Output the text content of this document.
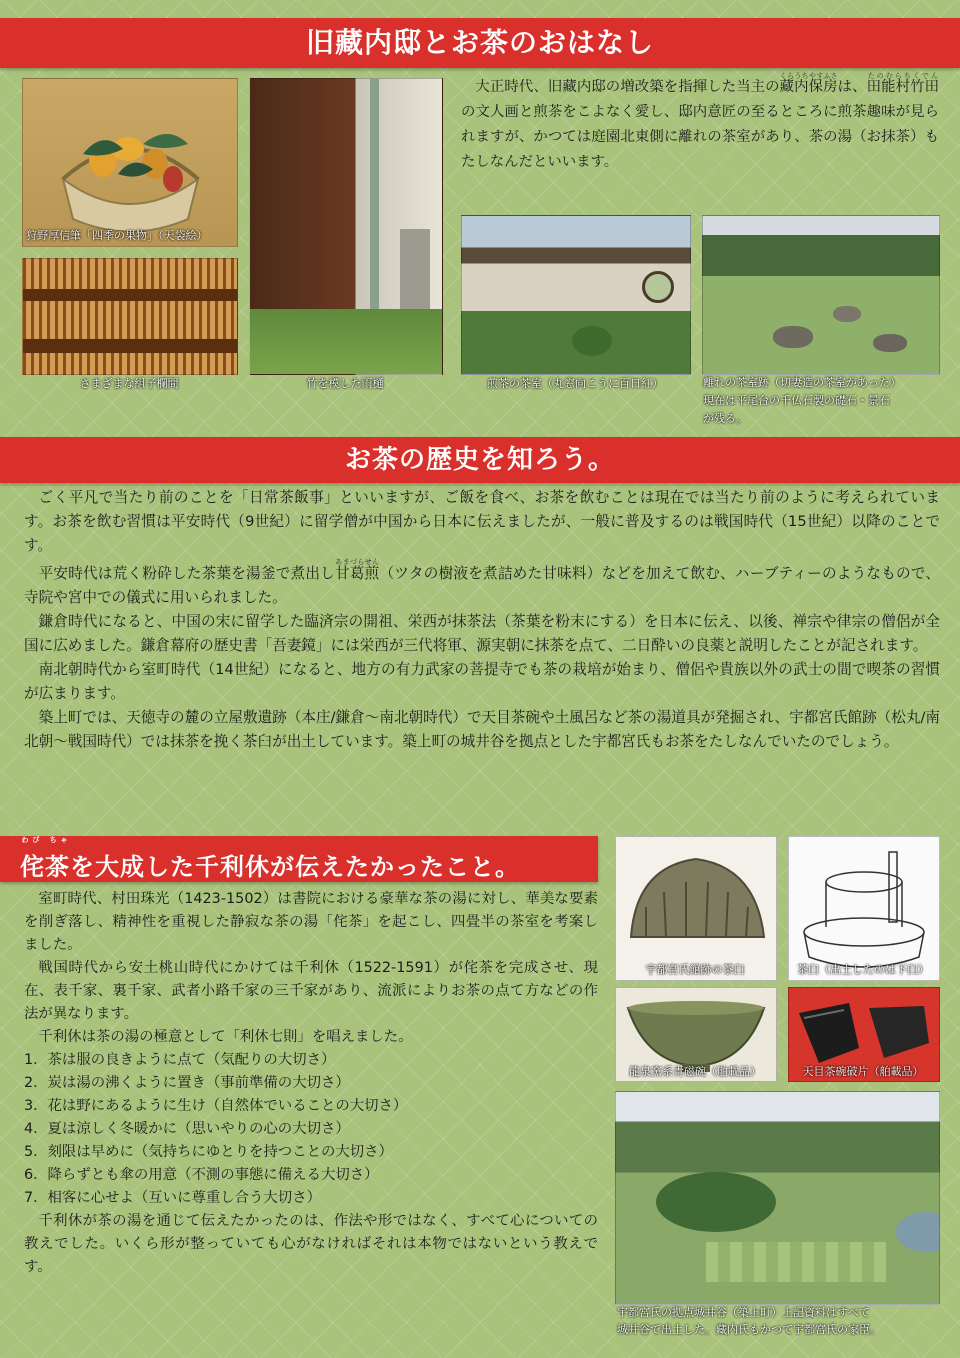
旧藏内邸とお茶のおはなし
狩野厚信筆「四季の果物」（天袋絵）
さまざまな組子欄間	竹を模した雨樋

大正時代、旧藏内邸の増改築を指揮した当主の藏内保房くらうちやすふさは、田能村竹田たのむらちくでんの文人画と煎茶をこよなく愛し、邸内意匠の至るところに煎茶趣味が見られますが、かつては庭園北東側に離れの茶室があり、茶の湯（お抹茶）もたしなんだといいます。

煎茶の茶室（丸窓向こうに百日紅）	離れの茶室跡（切妻造の茶室があった）
現在は平尾台の千仏石製の礎石・景石
が残る。
お茶の歴史を知ろう。

ごく平凡で当たり前のことを「日常茶飯事」といいますが、ご飯を食べ、お茶を飲むことは現在では当たり前のように考えられています。お茶を飲む習慣は平安時代（9世紀）に留学僧が中国から日本に伝えましたが、一般に普及するのは戦国時代（15世紀）以降のことです。

平安時代は荒く粉砕した茶葉を湯釜で煮出し甘葛煎あまづらせん（ツタの樹液を煮詰めた甘味料）などを加えて飲む、ハーブティーのようなもので、寺院や宮中での儀式に用いられました。

鎌倉時代になると、中国の宋に留学した臨済宗の開祖、栄西が抹茶法（茶葉を粉末にする）を日本に伝え、以後、禅宗や律宗の僧侶が全国に広めました。鎌倉幕府の歴史書「吾妻鏡」には栄西が三代将軍、源実朝に抹茶を点て、二日酔いの良薬と説明したことが記されます。

南北朝時代から室町時代（14世紀）になると、地方の有力武家の菩提寺でも茶の栽培が始まり、僧侶や貴族以外の武士の間で喫茶の習慣が広まります。

築上町では、天徳寺の麓の立屋敷遺跡（本庄/鎌倉～南北朝時代）で天目茶碗や土風呂など茶の湯道具が発掘され、宇都宮氏館跡（松丸/南北朝～戦国時代）では抹茶を挽く茶臼が出土しています。築上町の城井谷を拠点とした宇都宮氏もお茶をたしなんでいたのでしょう。

侘茶わび ちゃを大成した千利休が伝えたかったこと。

室町時代、村田珠光（1423-1502）は書院における豪華な茶の湯に対し、華美な要素を削ぎ落し、精神性を重視した静寂な茶の湯「侘茶」を起こし、四畳半の茶室を考案しました。

戦国時代から安土桃山時代にかけては千利休（1522-1591）が侘茶を完成させ、現在、表千家、裏千家、武者小路千家の三千家があり、流派によりお茶の点て方などの作法が異なります。

千利休は茶の湯の極意として「利休七則」を唱えました。

1．茶は服の良きように点て（気配りの大切さ）
2．炭は湯の沸くように置き（事前準備の大切さ）
3．花は野にあるように生け（自然体でいることの大切さ）
4．夏は涼しく冬暖かに（思いやりの心の大切さ）
5．刻限は早めに（気持ちにゆとりを持つことの大切さ）
6．降らずとも傘の用意（不測の事態に備える大切さ）
7．相客に心せよ（互いに尊重し合う大切さ）

千利休が茶の湯を通じて伝えたかったのは、作法や形ではなく、すべて心についての教えでした。いくら形が整っていても心がなければそれは本物ではないという教えです。

宇都宮氏館跡の茶臼	茶臼（出土したのは下臼）
龍泉窯系青磁碗（舶載品）	天目茶碗破片（舶載品）
宇都宮氏の拠点城井谷（築上町）上記資料はすべて
城井谷で出土した。藏内氏もかつて宇都宮氏の家臣。
